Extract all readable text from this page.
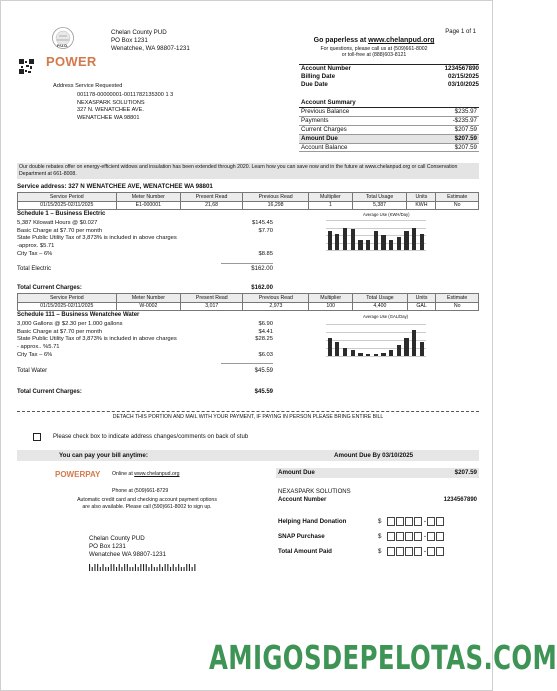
P.U.D.
POWER
Chelan County PUD
PO Box 1231
Wenatchee, WA 98807-1231
Page 1 of 1
Go paperless at www.chelanpud.org
For questions, please call us at (509)661-8002
or toll-free at (888)603-8121
Account Number	1234567890
Billing Date	02/15/2025
Due Date	03/10/2025
Address Service Requested
001178-00000001-0011782135300 1 3
NEXASPARK SOLUTIONS
327 N. WENATCHEE AVE.
WENATCHEE WA 98801
Account Summary
Previous Balance	$235.97
Payments	-$235.97
Current Charges	$207.59
Amount Due	$207.59
Account Balance	$207.59
Our double rebates offer on energy-efficient widows and insulation has been extended through 2020. Learn how you can save now and in the future at www.chelanpud.org or call Conservation Department at 661-8008.
Service address: 327 N WENATCHEE AVE, WENATCHEE WA 98801
Service Period	Meter Number	Present Read	Previous Read	Multiplier	Total Usage	Units	Estimate
01/15/2025-02/11/2025	E1-000001	21,68	16,298	1	5,387	KWH	No
Schedule 1 – Business Electric
5,387 Kilowatt Hours @ $0.027	$145.45
Basic Charge at $7.70 per month	$7.70
State Public Utility Tax of 3,873% is included in above charges
-approx. $5.71
City Tax – 6%	$8.85
Total Electric	$162.00
Total Current Charges:	$162.00
Average Use (KWH/Day)
Service Period	Meter Number	Present Read	Previous Read	Multiplier	Total Usage	Units	Estimate
01/15/2025-02/11/2025	W-0002	3,017	2,973	100	4,400	GAL	No
Schedule 111 – Business Wenatchee Water
3,000 Gallons @ $2.30 per 1.000 gallons	$6.90
Basic Charge at $7.70 per month	$4.41
State Public Utility Tax of 3,873% is included in above charges	$28.25
- approx.. %5.71
City Tax – 6%	$6.03
Total Water	$45.59
Total Current Charges:	$45.59
Average Use (GAL/Day)
DETACH THIS PORTION AND MAIL WITH YOUR PAYMENT, IF PAYING IN PERSON PLEASE BRING ENTIRE BILL
Please check box to indicate address changes/comments on back of stub
You can pay your bill anytime:	Amount Due By 03/10/2025
POWERPAY Online at www.chelanpud.org
Phone at (509)661-8729
Automatic credit card and checking account payment options
are also available. Please call (590)661-8002 to sign up.
Amount Due	$207.59
NEXASPARK SOLUTIONS
Account Number	1234567890
Helping Hand Donation	$	.
SNAP Purchase	$	.
Total Amount Paid	$	.
Chelan County PUD
PO Box 1231
Wenatchee WA 98807-1231
AMIGOSDEPELOTAS.COM
